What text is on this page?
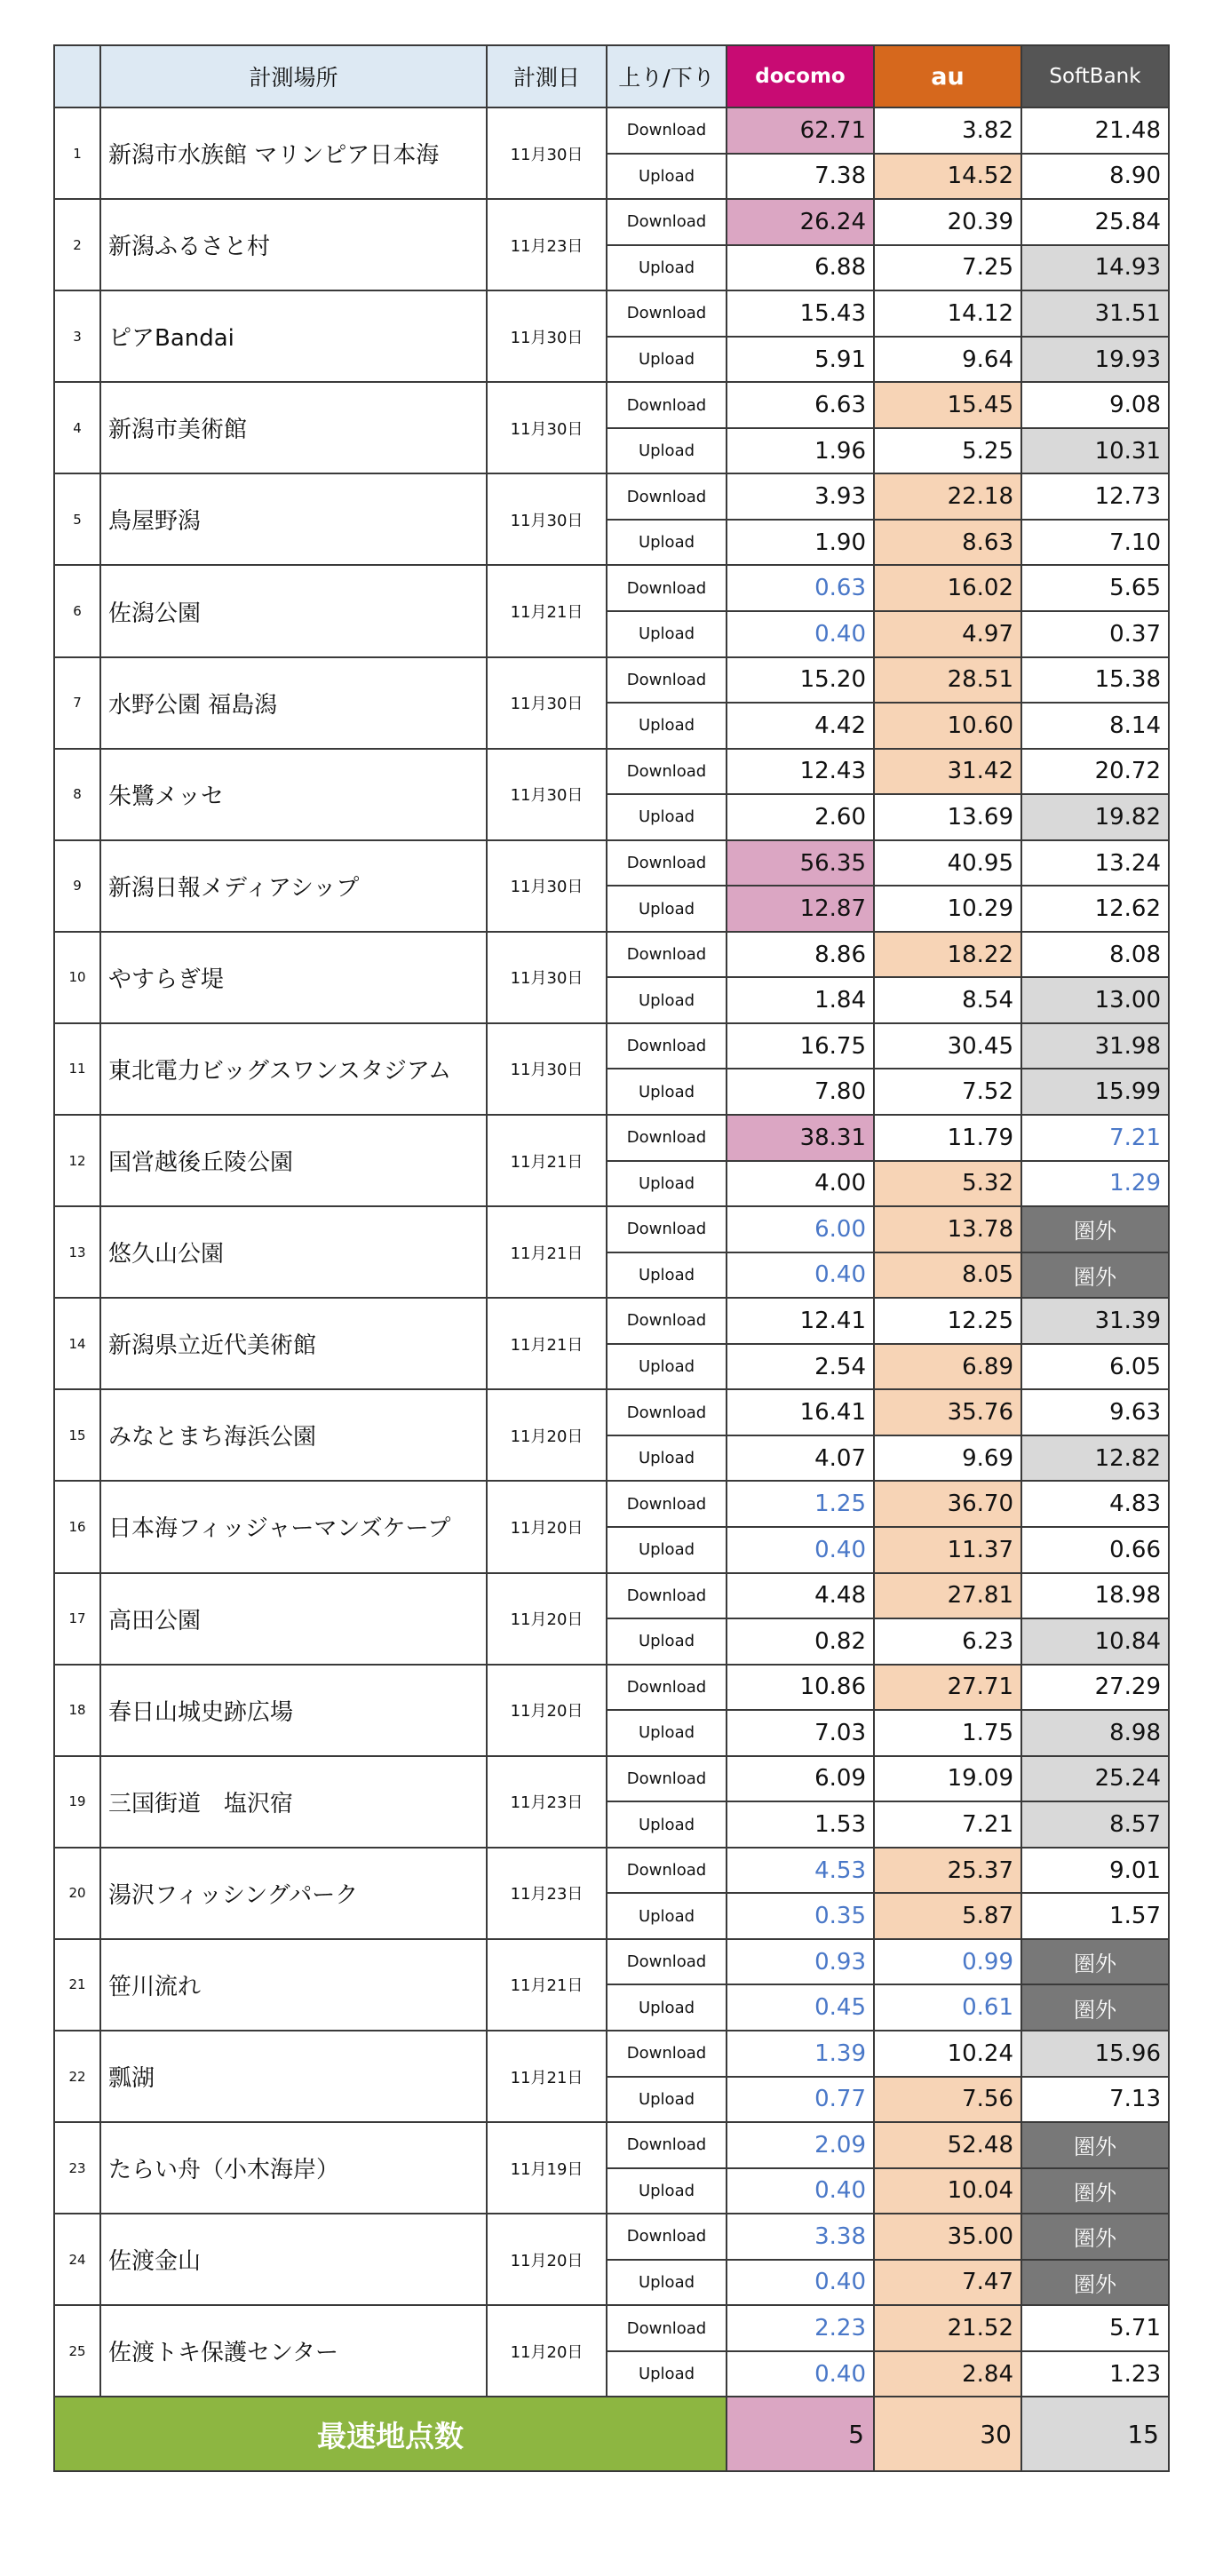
	計測場所	計測日	上り/下り	docomo	au	SoftBank
1	新潟市水族館 マリンピア日本海	11月30日	Download	62.71	3.82	21.48
			Upload	7.38	14.52	8.90
2	新潟ふるさと村	11月23日	Download	26.24	20.39	25.84
			Upload	6.88	7.25	14.93
3	ピアBandai	11月30日	Download	15.43	14.12	31.51
			Upload	5.91	9.64	19.93
4	新潟市美術館	11月30日	Download	6.63	15.45	9.08
			Upload	1.96	5.25	10.31
5	鳥屋野潟	11月30日	Download	3.93	22.18	12.73
			Upload	1.90	8.63	7.10
6	佐潟公園	11月21日	Download	0.63	16.02	5.65
			Upload	0.40	4.97	0.37
7	水野公園 福島潟	11月30日	Download	15.20	28.51	15.38
			Upload	4.42	10.60	8.14
8	朱鷺メッセ	11月30日	Download	12.43	31.42	20.72
			Upload	2.60	13.69	19.82
9	新潟日報メディアシップ	11月30日	Download	56.35	40.95	13.24
			Upload	12.87	10.29	12.62
10	やすらぎ堤	11月30日	Download	8.86	18.22	8.08
			Upload	1.84	8.54	13.00
11	東北電力ビッグスワンスタジアム	11月30日	Download	16.75	30.45	31.98
			Upload	7.80	7.52	15.99
12	国営越後丘陵公園	11月21日	Download	38.31	11.79	7.21
			Upload	4.00	5.32	1.29
13	悠久山公園	11月21日	Download	6.00	13.78	圏外
			Upload	0.40	8.05	圏外
14	新潟県立近代美術館	11月21日	Download	12.41	12.25	31.39
			Upload	2.54	6.89	6.05
15	みなとまち海浜公園	11月20日	Download	16.41	35.76	9.63
			Upload	4.07	9.69	12.82
16	日本海フィッジャーマンズケープ	11月20日	Download	1.25	36.70	4.83
			Upload	0.40	11.37	0.66
17	高田公園	11月20日	Download	4.48	27.81	18.98
			Upload	0.82	6.23	10.84
18	春日山城史跡広場	11月20日	Download	10.86	27.71	27.29
			Upload	7.03	1.75	8.98
19	三国街道　塩沢宿	11月23日	Download	6.09	19.09	25.24
			Upload	1.53	7.21	8.57
20	湯沢フィッシングパーク	11月23日	Download	4.53	25.37	9.01
			Upload	0.35	5.87	1.57
21	笹川流れ	11月21日	Download	0.93	0.99	圏外
			Upload	0.45	0.61	圏外
22	瓢湖	11月21日	Download	1.39	10.24	15.96
			Upload	0.77	7.56	7.13
23	たらい舟（小木海岸）	11月19日	Download	2.09	52.48	圏外
			Upload	0.40	10.04	圏外
24	佐渡金山	11月20日	Download	3.38	35.00	圏外
			Upload	0.40	7.47	圏外
25	佐渡トキ保護センター	11月20日	Download	2.23	21.52	5.71
			Upload	0.40	2.84	1.23
最速地点数				5	30	15
